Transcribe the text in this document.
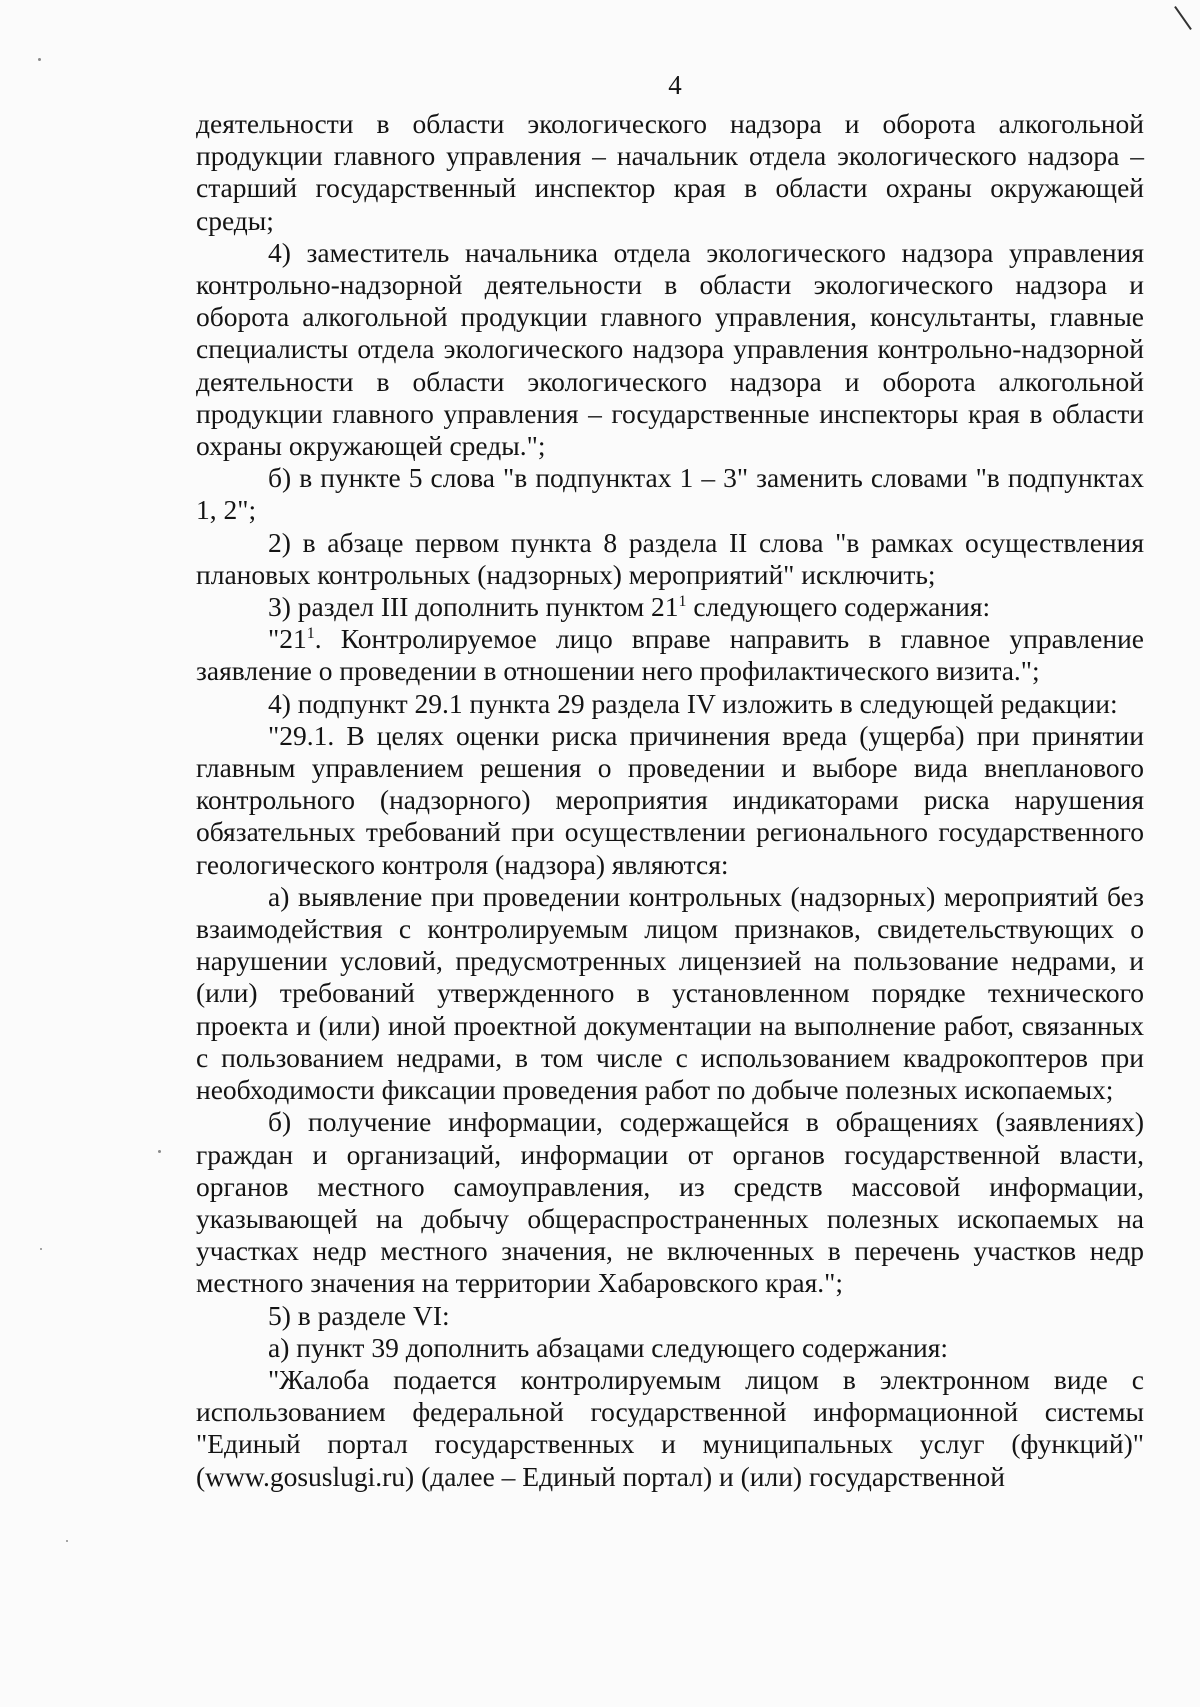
4

деятельности в области экологического надзора и оборота алкогольной продукции главного управления – начальник отдела экологического надзора – старший государственный инспектор края в области охраны окружающей среды;

4) заместитель начальника отдела экологического надзора управления контрольно-надзорной деятельности в области экологического надзора и оборота алкогольной продукции главного управления, консультанты, главные специалисты отдела экологического надзора управления контрольно-надзорной деятельности в области экологического надзора и оборота алкогольной продукции главного управления – государственные инспекторы края в области охраны окружающей среды.";

б) в пункте 5 слова "в подпунктах 1 – 3" заменить словами "в подпунктах 1, 2";

2) в абзаце первом пункта 8 раздела II слова "в рамках осуществления плановых контрольных (надзорных) мероприятий" исключить;

3) раздел III дополнить пунктом $21^1$ следующего содержания:

"$21^1$. Контролируемое лицо вправе направить в главное управление заявление о проведении в отношении него профилактического визита.";

4) подпункт 29.1 пункта 29 раздела IV изложить в следующей редакции:

"29.1. В целях оценки риска причинения вреда (ущерба) при принятии главным управлением решения о проведении и выборе вида внепланового контрольного (надзорного) мероприятия индикаторами риска нарушения обязательных требований при осуществлении регионального государственного геологического контроля (надзора) являются:

а) выявление при проведении контрольных (надзорных) мероприятий без взаимодействия с контролируемым лицом признаков, свидетельствующих о нарушении условий, предусмотренных лицензией на пользование недрами, и (или) требований утвержденного в установленном порядке технического проекта и (или) иной проектной документации на выполнение работ, связанных с пользованием недрами, в том числе с использованием квадрокоптеров при необходимости фиксации проведения работ по добыче полезных ископаемых;

б) получение информации, содержащейся в обращениях (заявлениях) граждан и организаций, информации от органов государственной власти, органов местного самоуправления, из средств массовой информации, указывающей на добычу общераспространенных полезных ископаемых на участках недр местного значения, не включенных в перечень участков недр местного значения на территории Хабаровского края.";

5) в разделе VI:

а) пункт 39 дополнить абзацами следующего содержания:

"Жалоба подается контролируемым лицом в электронном виде с использованием федеральной государственной информационной системы "Единый портал государственных и муниципальных услуг (функций)" (www.gosuslugi.ru) (далее – Единый портал) и (или) государственной
